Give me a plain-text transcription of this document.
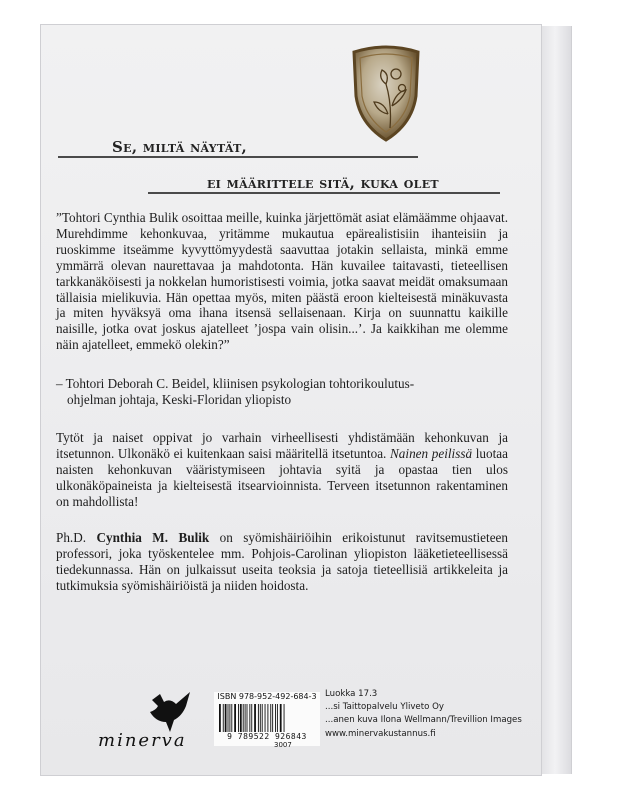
Se, miltä näytät,
ei määrittele sitä, kuka olet

”Tohtori Cynthia Bulik osoittaa meille, kuinka järjettömät asiat elämäämme ohjaavat. Murehdimme kehonkuvaa, yritämme mukautua epärealistisiin ihanteisiin ja ruoskimme itseämme kyvyttömyydestä saavuttaa jotakin sellaista, minkä emme ymmärrä olevan naurettavaa ja mahdotonta. Hän kuvailee taitavasti, tieteellisen tarkkanäköisesti ja nokkelan humoristisesti voimia, jotka saavat meidät omaksumaan tällaisia mielikuvia. Hän opettaa myös, miten päästä eroon kielteisestä minäkuvasta ja miten hyväksyä oma ihana itsensä sellaisenaan. Kirja on suunnattu kaikille naisille, jotka ovat joskus ajatelleet ’jospa vain olisin...’. Ja kaikkihan me olemme näin ajatelleet, emmekö olekin?”

– Tohtori Deborah C. Beidel, kliinisen psykologian tohtorikoulutus-
ohjelman johtaja, Keski-Floridan yliopisto

Tytöt ja naiset oppivat jo varhain virheellisesti yhdistämään kehonkuvan ja itsetunnon. Ulkonäkö ei kuitenkaan saisi määritellä itsetuntoa. Nainen peilissä luotaa naisten kehonkuvan vääristymiseen johtavia syitä ja opastaa tien ulos ulkonäköpaineista ja kielteisestä itsearvioinnista. Terveen itsetunnon rakentaminen on mahdollista!

Ph.D. Cynthia M. Bulik on syömishäiriöihin erikoistunut ravitsemustieteen professori, joka työskentelee mm. Pohjois-Carolinan yliopiston lääketieteellisessä tiedekunnassa. Hän on julkaissut useita teoksia ja satoja tieteellisiä artikkeleita ja tutkimuksia syömishäiriöistä ja niiden hoidosta.

minerva
ISBN 978-952-492-684-3
9 789522 926843
3007
Luokka 17.3
...si Taittopalvelu Yliveto Oy
...anen kuva Ilona Wellmann/Trevillion Images
www.minervakustannus.fi
